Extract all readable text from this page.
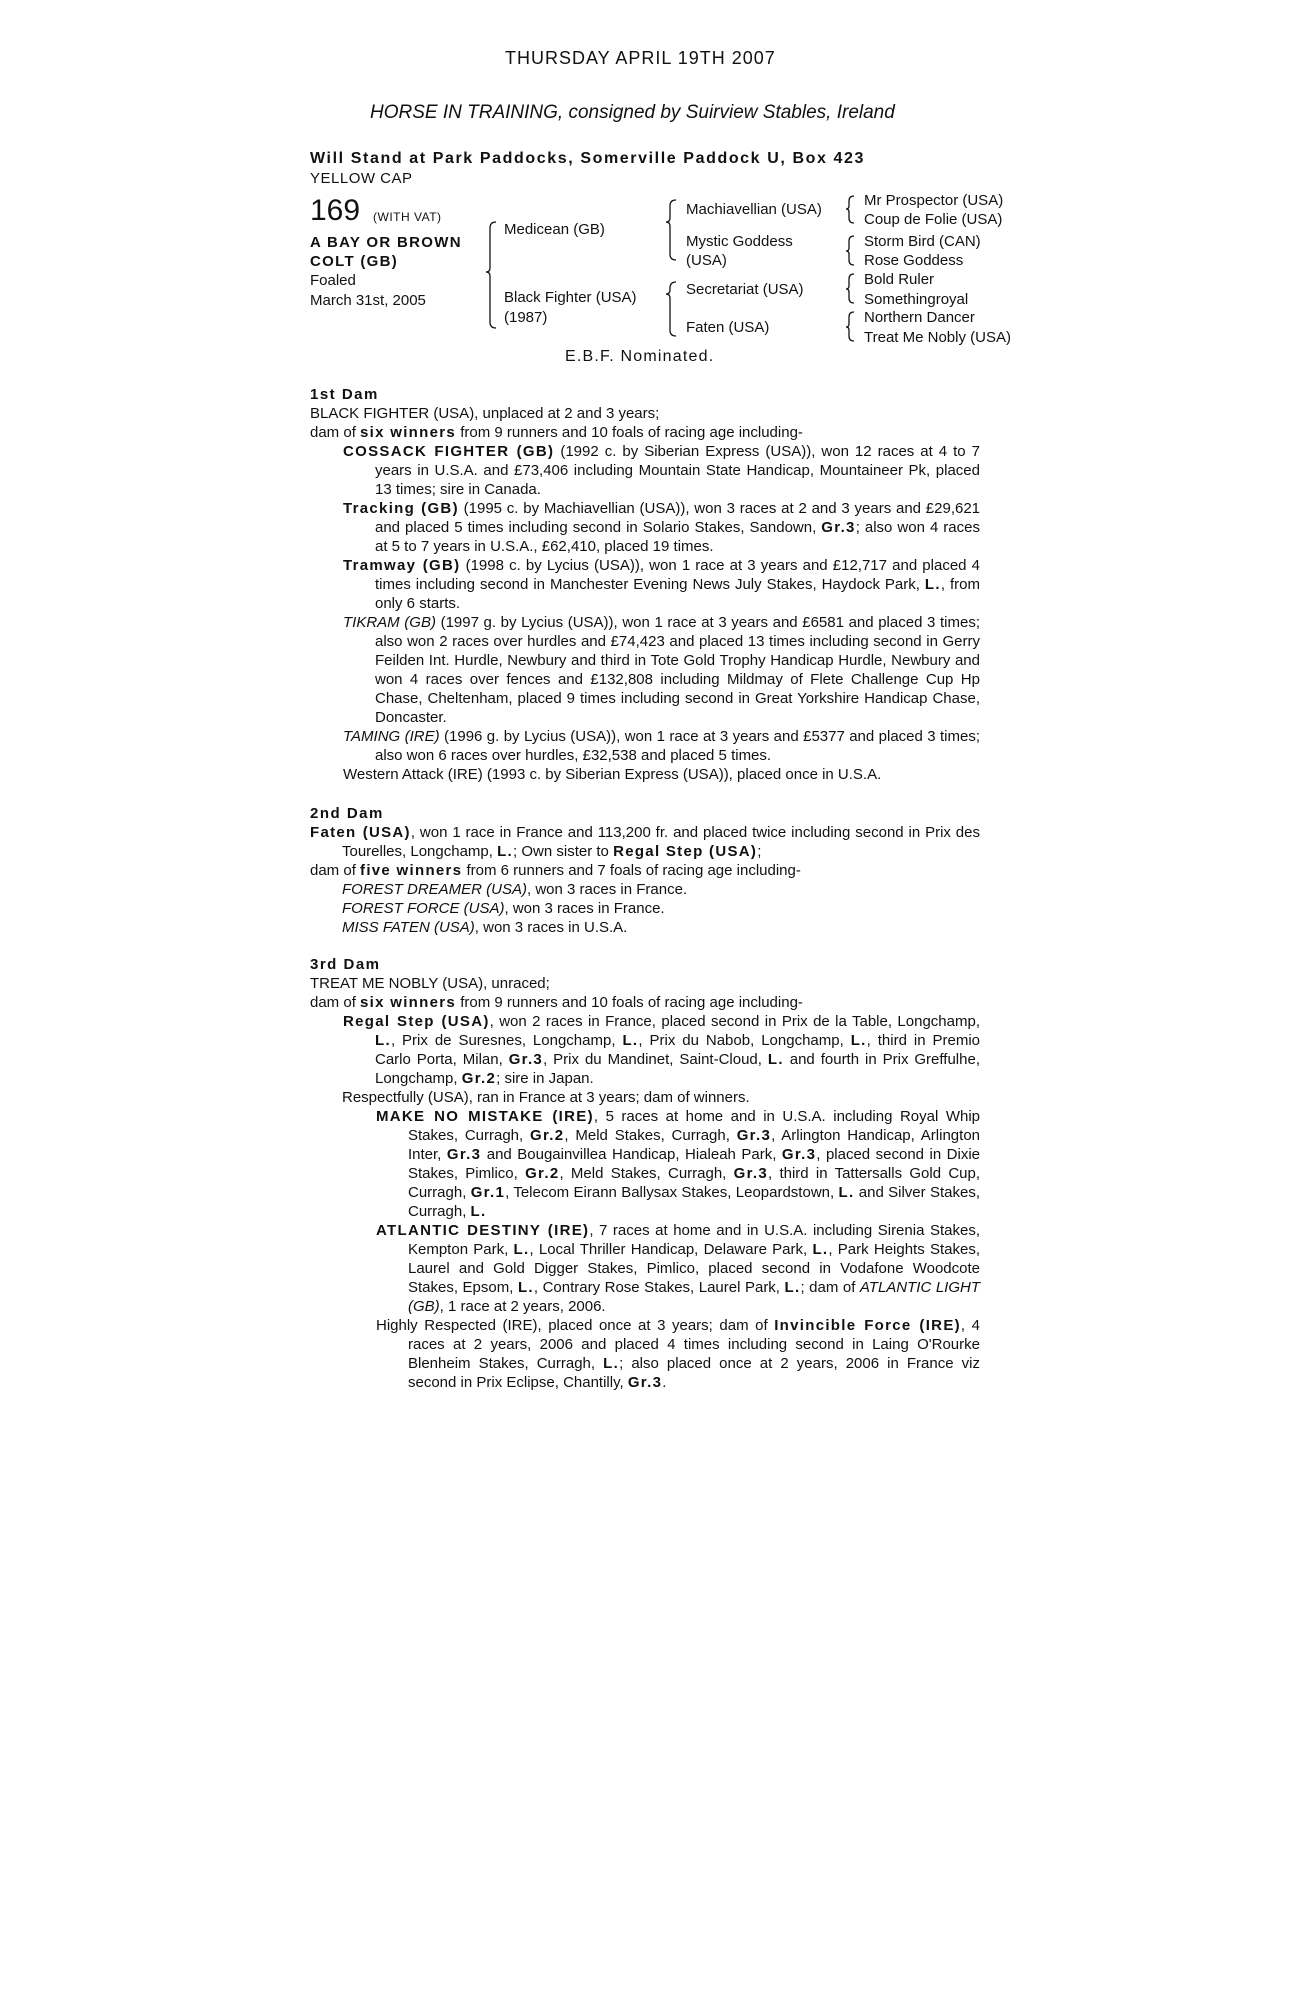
THURSDAY APRIL 19TH 2007
HORSE IN TRAINING, consigned by Suirview Stables, Ireland
Will Stand at Park Paddocks, Somerville Paddock U, Box 423
YELLOW CAP
169 (WITH VAT)
A BAY OR BROWN
COLT (GB)
Foaled
March 31st, 2005
Medicean (GB)
Black Fighter (USA)
(1987)
Machiavellian (USA)
Mystic Goddess
(USA)
Secretariat (USA)
Faten (USA)
Mr Prospector (USA)
Coup de Folie (USA)
Storm Bird (CAN)
Rose Goddess
Bold Ruler
Somethingroyal
Northern Dancer
Treat Me Nobly (USA)
E.B.F. Nominated.

1st Dam

BLACK FIGHTER (USA), unplaced at 2 and 3 years;

dam of six winners from 9 runners and 10 foals of racing age including-

COSSACK FIGHTER (GB) (1992 c. by Siberian Express (USA)), won 12 races at 4 to 7 years in U.S.A. and £73,406 including Mountain State Handicap, Mountaineer Pk, placed 13 times; sire in Canada.

Tracking (GB) (1995 c. by Machiavellian (USA)), won 3 races at 2 and 3 years and £29,621 and placed 5 times including second in Solario Stakes, Sandown, Gr.3; also won 4 races at 5 to 7 years in U.S.A., £62,410, placed 19 times.

Tramway (GB) (1998 c. by Lycius (USA)), won 1 race at 3 years and £12,717 and placed 4 times including second in Manchester Evening News July Stakes, Haydock Park, L., from only 6 starts.

TIKRAM (GB) (1997 g. by Lycius (USA)), won 1 race at 3 years and £6581 and placed 3 times; also won 2 races over hurdles and £74,423 and placed 13 times including second in Gerry Feilden Int. Hurdle, Newbury and third in Tote Gold Trophy Handicap Hurdle, Newbury and won 4 races over fences and £132,808 including Mildmay of Flete Challenge Cup Hp Chase, Cheltenham, placed 9 times including second in Great Yorkshire Handicap Chase, Doncaster.

TAMING (IRE) (1996 g. by Lycius (USA)), won 1 race at 3 years and £5377 and placed 3 times; also won 6 races over hurdles, £32,538 and placed 5 times.

Western Attack (IRE) (1993 c. by Siberian Express (USA)), placed once in U.S.A.

2nd Dam

Faten (USA), won 1 race in France and 113,200 fr. and placed twice including second in Prix des Tourelles, Longchamp, L.; Own sister to Regal Step (USA);

dam of five winners from 6 runners and 7 foals of racing age including-

FOREST DREAMER (USA), won 3 races in France.

FOREST FORCE (USA), won 3 races in France.

MISS FATEN (USA), won 3 races in U.S.A.

3rd Dam

TREAT ME NOBLY (USA), unraced;

dam of six winners from 9 runners and 10 foals of racing age including-

Regal Step (USA), won 2 races in France, placed second in Prix de la Table, Longchamp, L., Prix de Suresnes, Longchamp, L., Prix du Nabob, Longchamp, L., third in Premio Carlo Porta, Milan, Gr.3, Prix du Mandinet, Saint-Cloud, L. and fourth in Prix Greffulhe, Longchamp, Gr.2; sire in Japan.

Respectfully (USA), ran in France at 3 years; dam of winners.

MAKE NO MISTAKE (IRE), 5 races at home and in U.S.A. including Royal Whip Stakes, Curragh, Gr.2, Meld Stakes, Curragh, Gr.3, Arlington Handicap, Arlington Inter, Gr.3 and Bougainvillea Handicap, Hialeah Park, Gr.3, placed second in Dixie Stakes, Pimlico, Gr.2, Meld Stakes, Curragh, Gr.3, third in Tattersalls Gold Cup, Curragh, Gr.1, Telecom Eirann Ballysax Stakes, Leopardstown, L. and Silver Stakes, Curragh, L.

ATLANTIC DESTINY (IRE), 7 races at home and in U.S.A. including Sirenia Stakes, Kempton Park, L., Local Thriller Handicap, Delaware Park, L., Park Heights Stakes, Laurel and Gold Digger Stakes, Pimlico, placed second in Vodafone Woodcote Stakes, Epsom, L., Contrary Rose Stakes, Laurel Park, L.; dam of ATLANTIC LIGHT (GB), 1 race at 2 years, 2006.

Highly Respected (IRE), placed once at 3 years; dam of Invincible Force (IRE), 4 races at 2 years, 2006 and placed 4 times including second in Laing O'Rourke Blenheim Stakes, Curragh, L.; also placed once at 2 years, 2006 in France viz second in Prix Eclipse, Chantilly, Gr.3.
